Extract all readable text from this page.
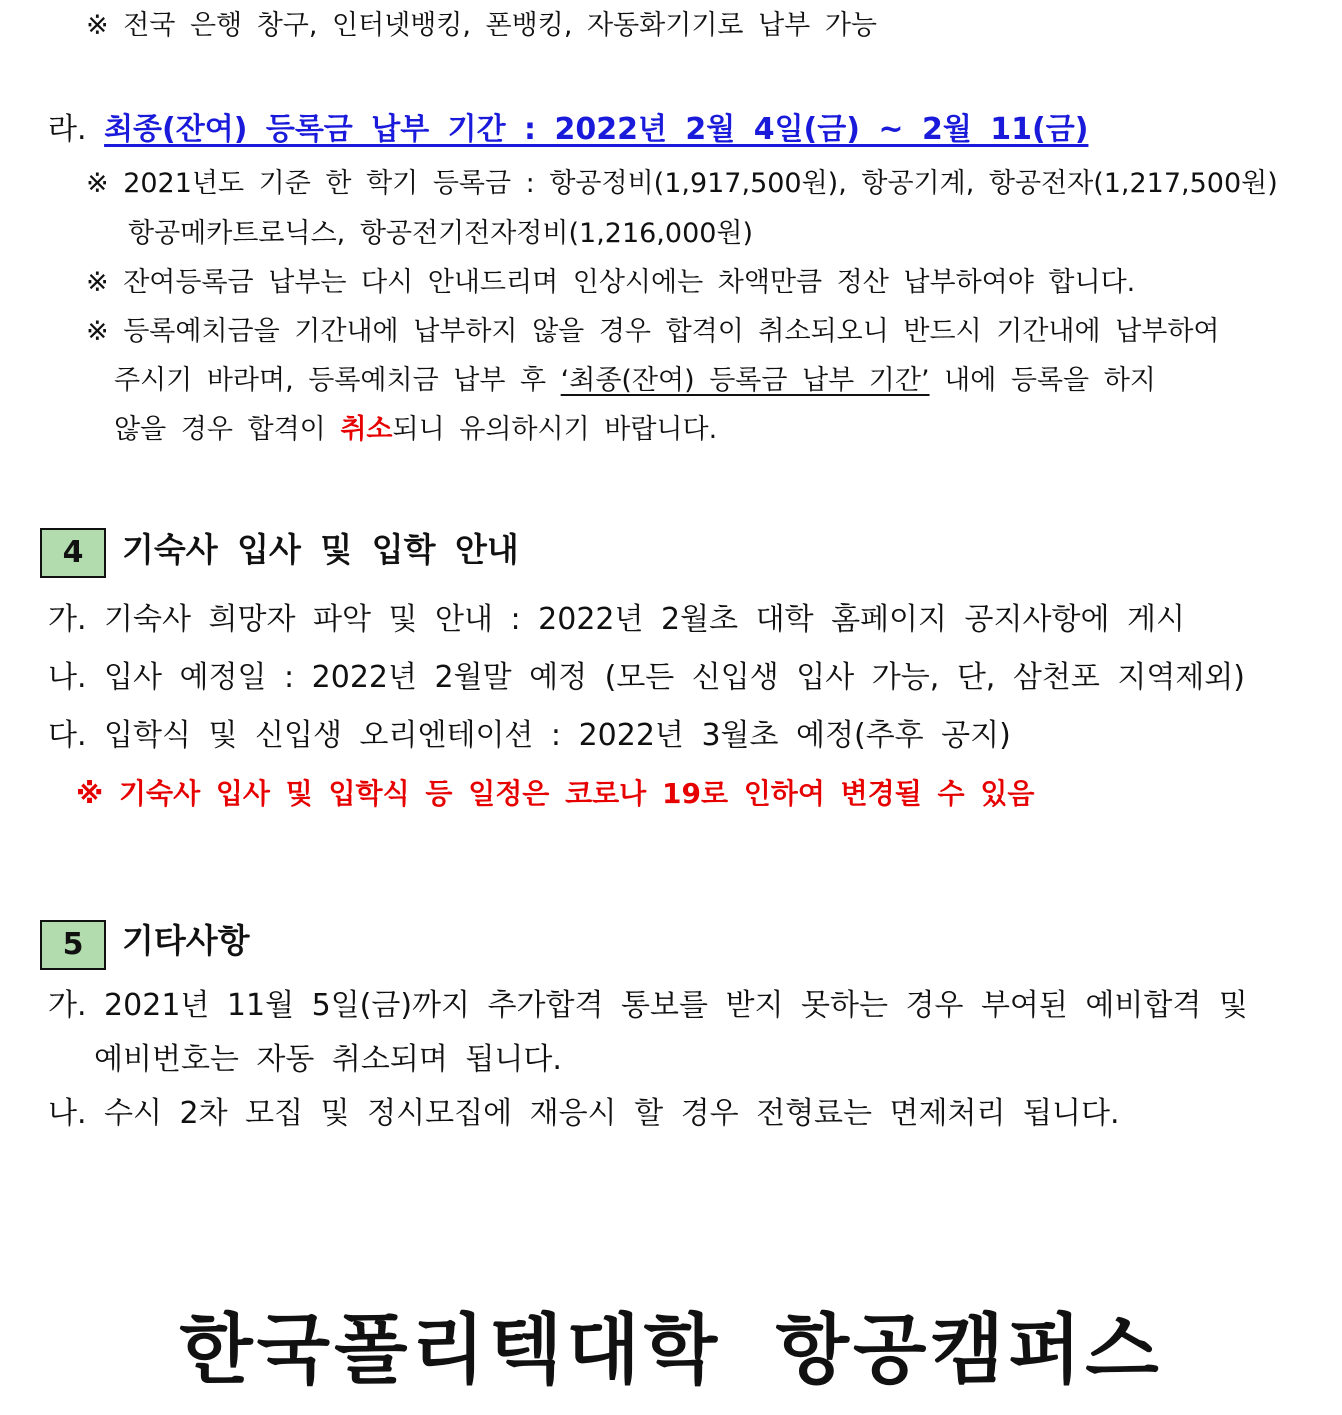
※ 전국 은행 창구, 인터넷뱅킹, 폰뱅킹, 자동화기기로 납부 가능
라. 최종(잔여) 등록금 납부 기간 : 2022년 2월 4일(금) ~ 2월 11(금)
※ 2021년도 기준 한 학기 등록금 : 항공정비(1,917,500원), 항공기계, 항공전자(1,217,500원)
항공메카트로닉스, 항공전기전자정비(1,216,000원)
※ 잔여등록금 납부는 다시 안내드리며 인상시에는 차액만큼 정산 납부하여야 합니다.
※ 등록예치금을 기간내에 납부하지 않을 경우 합격이 취소되오니 반드시 기간내에 납부하여
주시기 바라며, 등록예치금 납부 후 ‘최종(잔여) 등록금 납부 기간’ 내에 등록을 하지
않을 경우 합격이 취소되니 유의하시기 바랍니다.
4	기숙사 입사 및 입학 안내
가. 기숙사 희망자 파악 및 안내 : 2022년 2월초 대학 홈페이지 공지사항에 게시
나. 입사 예정일 : 2022년 2월말 예정 (모든 신입생 입사 가능, 단, 삼천포 지역제외)
다. 입학식 및 신입생 오리엔테이션 : 2022년 3월초 예정(추후 공지)
※ 기숙사 입사 및 입학식 등 일정은 코로나 19로 인하여 변경될 수 있음
5	기타사항
가. 2021년 11월 5일(금)까지 추가합격 통보를 받지 못하는 경우 부여된 예비합격 및
예비번호는 자동 취소되며 됩니다.
나. 수시 2차 모집 및 정시모집에 재응시 할 경우 전형료는 면제처리 됩니다.
한국폴리텍대학 항공캠퍼스
